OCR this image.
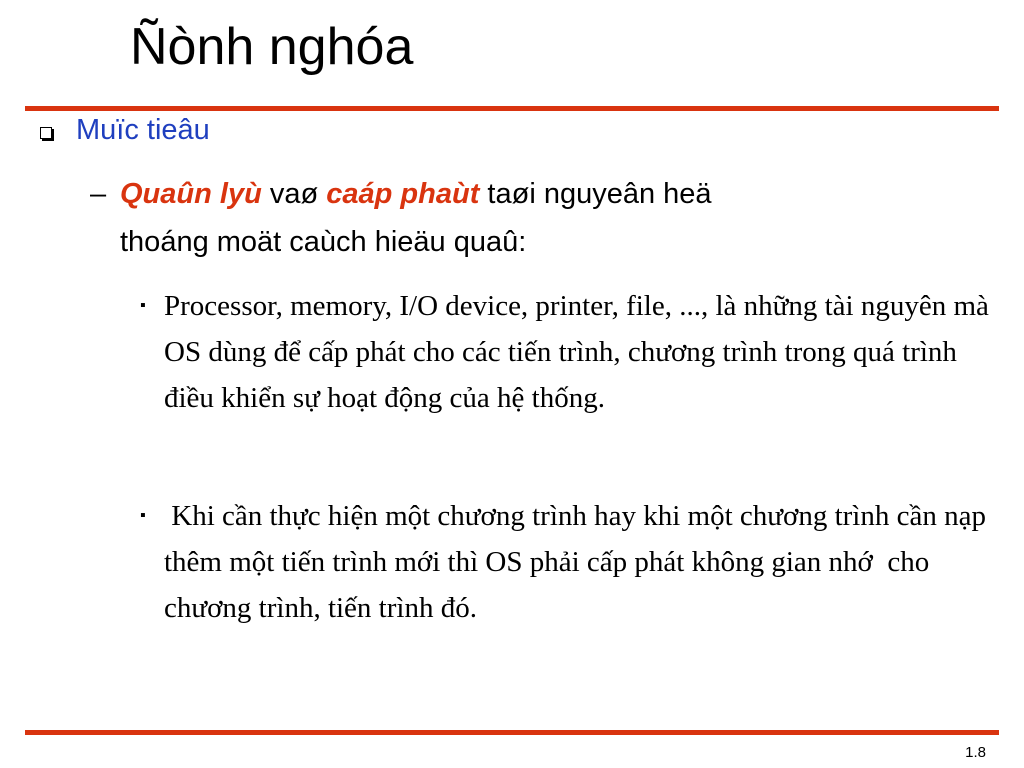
Ñònh nghóa
Muïc tieâu
– Quaûn lyù vaø caáp phaùt taøi nguyeân heä
thoáng moät caùch hieäu quaû:
▪ Processor, memory, I/O device, printer, file, ..., là những tài nguyên mà OS dùng để cấp phát cho các tiến trình, chương trình trong quá trình điều khiển sự hoạt động của hệ thống.
▪ Khi cần thực hiện một chương trình hay khi một chương trình cần nạp thêm một tiến trình mới thì OS phải cấp phát không gian nhớ  cho chương trình, tiến trình đó.
1.8
